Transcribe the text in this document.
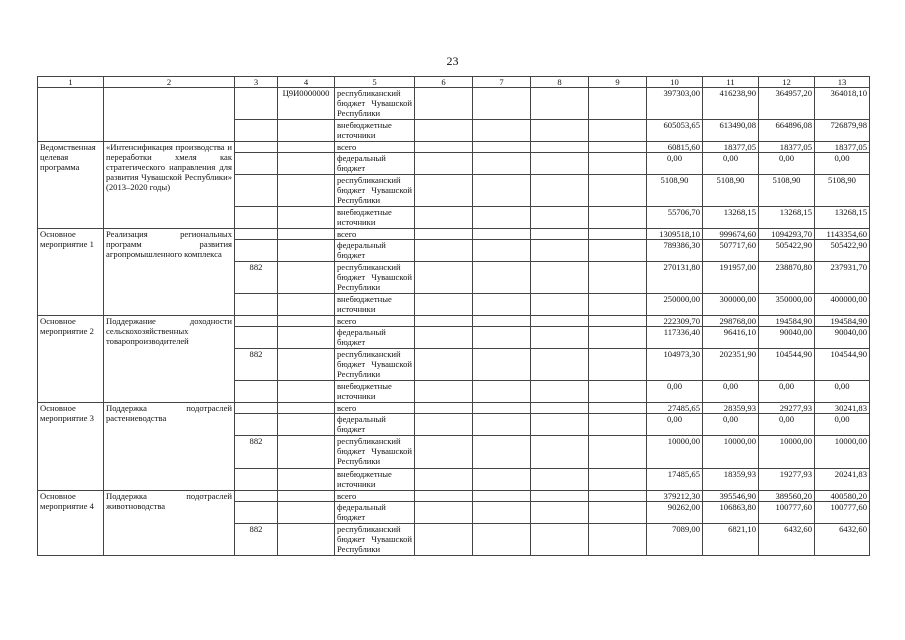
23
1	2	3	4	5	6	7	8	9	10	11	12	13
			Ц9И0000000	республиканский бюджет Чувашской Республики					397303,00	416238,90	364957,20	364018,10
				внебюджетные источники					605053,65	613490,08	664896,08	726879,98
Ведомственная целевая программа	«Интенсификация производства и переработки хмеля как стратегического направления для развития Чувашской Республики» (2013–2020 годы)			всего					60815,60	18377,05	18377,05	18377,05
				федеральный бюджет					0,00	0,00	0,00	0,00
				республиканский бюджет Чувашской Республики					5108,90	5108,90	5108,90	5108,90
				внебюджетные источники					55706,70	13268,15	13268,15	13268,15
Основное мероприятие 1	Реализация региональных программ развития агропромышленного комплекса			всего					1309518,10	999674,60	1094293,70	1143354,60
				федеральный бюджет					789386,30	507717,60	505422,90	505422,90
		882		республиканский бюджет Чувашской Республики					270131,80	191957,00	238870,80	237931,70
				внебюджетные источники					250000,00	300000,00	350000,00	400000,00
Основное мероприятие 2	Поддержание доходности сельскохозяйственных товаропроизводителей			всего					222309,70	298768,00	194584,90	194584,90
				федеральный бюджет					117336,40	96416,10	90040,00	90040,00
		882		республиканский бюджет Чувашской Республики					104973,30	202351,90	104544,90	104544,90
				внебюджетные источники					0,00	0,00	0,00	0,00
Основное мероприятие 3	Поддержка подотраслей растениеводства			всего					27485,65	28359,93	29277,93	30241,83
				федеральный бюджет					0,00	0,00	0,00	0,00
		882		республиканский бюджет Чувашской Республики					10000,00	10000,00	10000,00	10000,00
				внебюджетные источники					17485,65	18359,93	19277,93	20241,83
Основное мероприятие 4	Поддержка подотраслей животноводства			всего					379212,30	395546,90	389560,20	400580,20
				федеральный бюджет					90262,00	106863,80	100777,60	100777,60
		882		республиканский бюджет Чувашской Республики					7089,00	6821,10	6432,60	6432,60
